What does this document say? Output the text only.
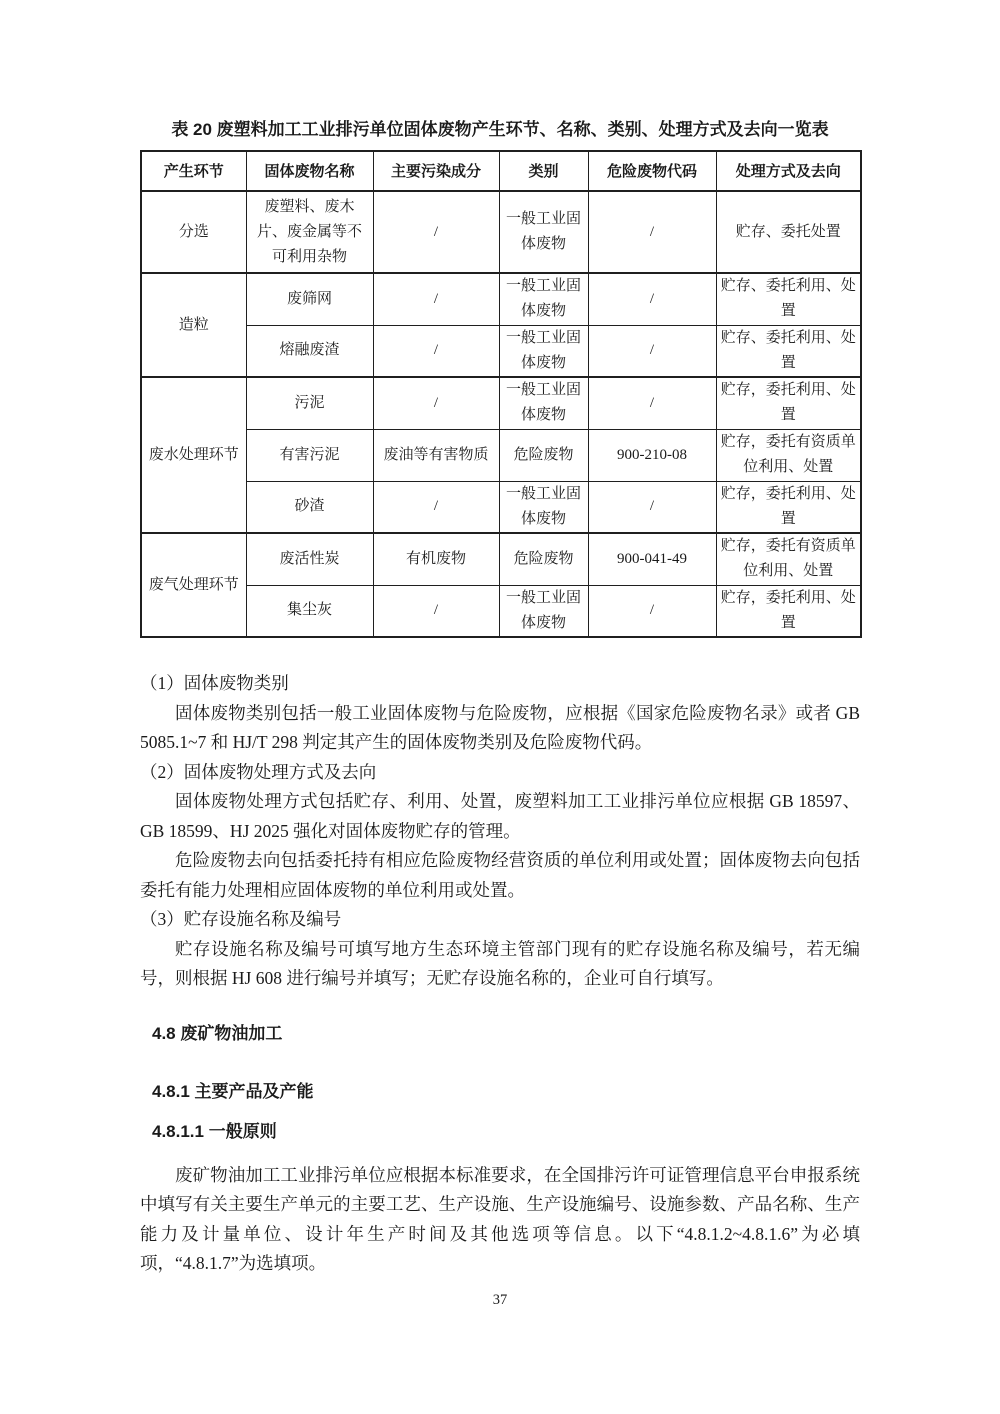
表 20 废塑料加工工业排污单位固体废物产生环节、名称、类别、处理方式及去向一览表
产生环节	固体废物名称	主要污染成分	类别	危险废物代码	处理方式及去向
分选	废塑料、废木片、废金属等不可利用杂物	/	一般工业固体废物	/	贮存、委托处置
造粒	废筛网	/	一般工业固体废物	/	贮存、委托利用、处置
	熔融废渣	/	一般工业固体废物	/	贮存、委托利用、处置
废水处理环节	污泥	/	一般工业固体废物	/	贮存，委托利用、处置
	有害污泥	废油等有害物质	危险废物	900-210-08	贮存，委托有资质单位利用、处置
	砂渣	/	一般工业固体废物	/	贮存，委托利用、处置
废气处理环节	废活性炭	有机废物	危险废物	900-041-49	贮存，委托有资质单位利用、处置
	集尘灰	/	一般工业固体废物	/	贮存，委托利用、处置

（1）固体废物类别

固体废物类别包括一般工业固体废物与危险废物，应根据《国家危险废物名录》或者 GB 5085.1~7 和 HJ/T 298 判定其产生的固体废物类别及危险废物代码。

（2）固体废物处理方式及去向

固体废物处理方式包括贮存、利用、处置，废塑料加工工业排污单位应根据 GB 18597、GB 18599、HJ 2025 强化对固体废物贮存的管理。

危险废物去向包括委托持有相应危险废物经营资质的单位利用或处置；固体废物去向包括委托有能力处理相应固体废物的单位利用或处置。

（3）贮存设施名称及编号

贮存设施名称及编号可填写地方生态环境主管部门现有的贮存设施名称及编号，若无编号，则根据 HJ 608 进行编号并填写；无贮存设施名称的，企业可自行填写。

4.8 废矿物油加工
4.8.1 主要产品及产能
4.8.1.1 一般原则

废矿物油加工工业排污单位应根据本标准要求，在全国排污许可证管理信息平台申报系统中填写有关主要生产单元的主要工艺、生产设施、生产设施编号、设施参数、产品名称、生产能力及计量单位、设计年生产时间及其他选项等信息。以下“4.8.1.2~4.8.1.6”为必填项，“4.8.1.7”为选填项。

37
